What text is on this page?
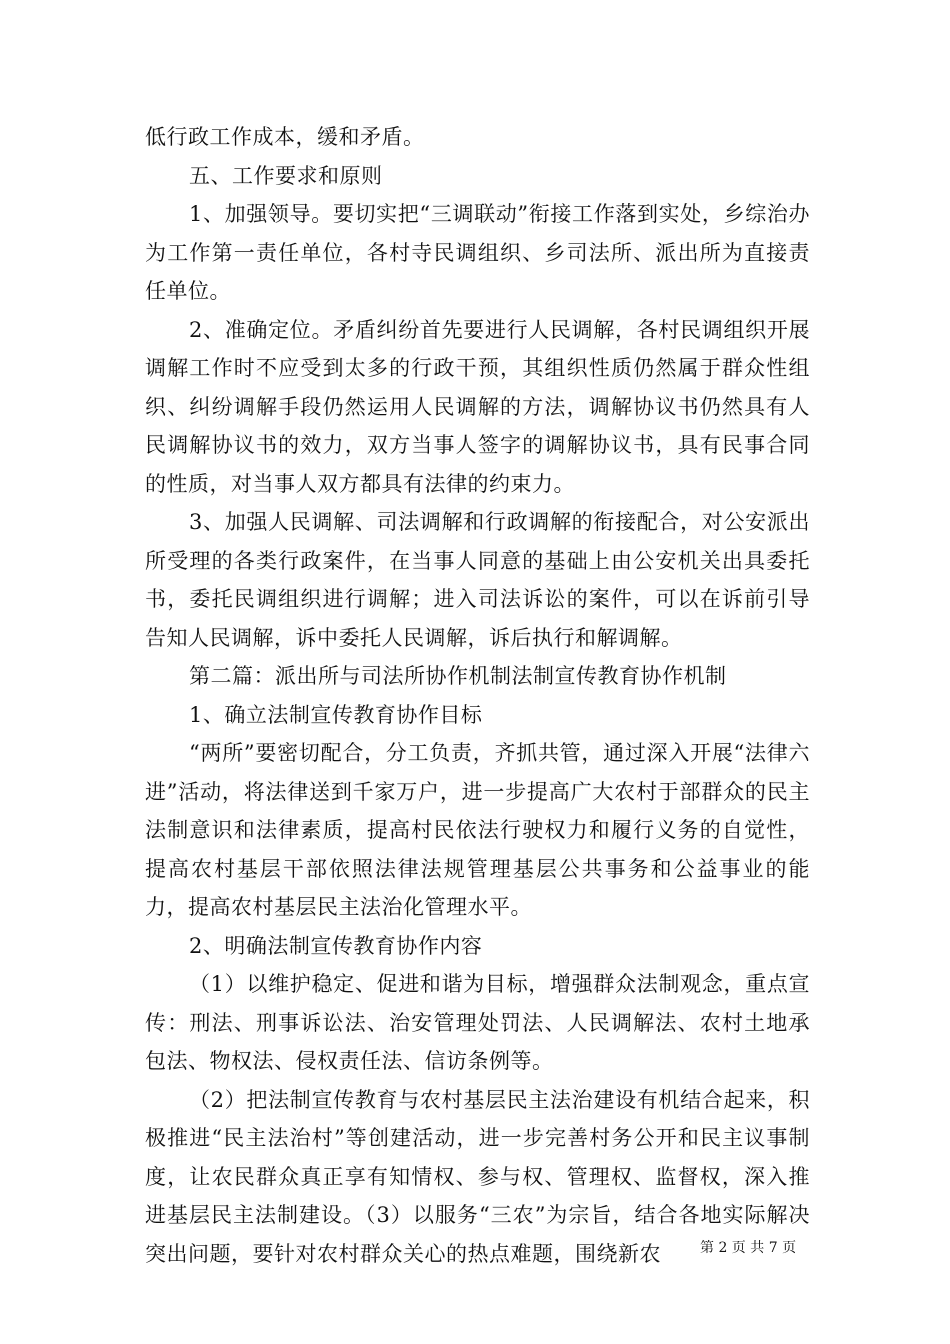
低行政工作成本，缓和矛盾。

五、工作要求和原则

1、加强领导。要切实把“三调联动”衔接工作落到实处，乡综治办为工作第一责任单位，各村寺民调组织、乡司法所、派出所为直接责任单位。

2、准确定位。矛盾纠纷首先要进行人民调解，各村民调组织开展调解工作时不应受到太多的行政干预，其组织性质仍然属于群众性组织、纠纷调解手段仍然运用人民调解的方法，调解协议书仍然具有人民调解协议书的效力，双方当事人签字的调解协议书，具有民事合同的性质，对当事人双方都具有法律的约束力。

3、加强人民调解、司法调解和行政调解的衔接配合，对公安派出所受理的各类行政案件，在当事人同意的基础上由公安机关出具委托书，委托民调组织进行调解；进入司法诉讼的案件，可以在诉前引导告知人民调解，诉中委托人民调解，诉后执行和解调解。

第二篇：派出所与司法所协作机制法制宣传教育协作机制

1、确立法制宣传教育协作目标

“两所”要密切配合，分工负责，齐抓共管，通过深入开展“法律六进”活动，将法律送到千家万户，进一步提高广大农村于部群众的民主法制意识和法律素质，提高村民依法行驶权力和履行义务的自觉性，提高农村基层干部依照法律法规管理基层公共事务和公益事业的能力，提高农村基层民主法治化管理水平。

2、明确法制宣传教育协作内容

（1）以维护稳定、促进和谐为目标，增强群众法制观念，重点宣传：刑法、刑事诉讼法、治安管理处罚法、人民调解法、农村土地承包法、物权法、侵权责任法、信访条例等。

（2）把法制宣传教育与农村基层民主法治建设有机结合起来，积极推进“民主法治村”等创建活动，进一步完善村务公开和民主议事制度，让农民群众真正享有知情权、参与权、管理权、监督权，深入推进基层民主法制建设。（3）以服务“三农”为宗旨，结合各地实际解决突出问题，要针对农村群众关心的热点难题，围绕新农	第 2 页 共 7 页
